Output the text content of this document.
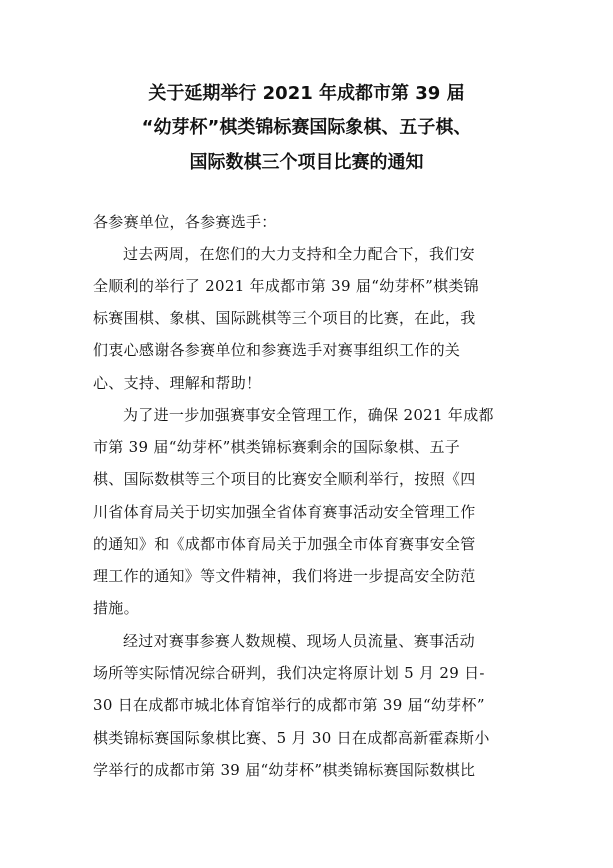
关于延期举行 2021 年成都市第 39 届
“幼芽杯”棋类锦标赛国际象棋、五子棋、
国际数棋三个项目比赛的通知
各参赛单位，各参赛选手：
过去两周，在您们的大力支持和全力配合下，我们安
全顺利的举行了 2021 年成都市第 39 届“幼芽杯”棋类锦
标赛围棋、象棋、国际跳棋等三个项目的比赛，在此，我
们衷心感谢各参赛单位和参赛选手对赛事组织工作的关
心、支持、理解和帮助！
为了进一步加强赛事安全管理工作，确保 2021 年成都
市第 39 届“幼芽杯”棋类锦标赛剩余的国际象棋、五子
棋、国际数棋等三个项目的比赛安全顺利举行，按照《四
川省体育局关于切实加强全省体育赛事活动安全管理工作
的通知》和《成都市体育局关于加强全市体育赛事安全管
理工作的通知》等文件精神，我们将进一步提高安全防范
措施。
经过对赛事参赛人数规模、现场人员流量、赛事活动
场所等实际情况综合研判，我们决定将原计划 5 月 29 日-
30 日在成都市城北体育馆举行的成都市第 39 届“幼芽杯”
棋类锦标赛国际象棋比赛、5 月 30 日在成都高新霍森斯小
学举行的成都市第 39 届“幼芽杯”棋类锦标赛国际数棋比
